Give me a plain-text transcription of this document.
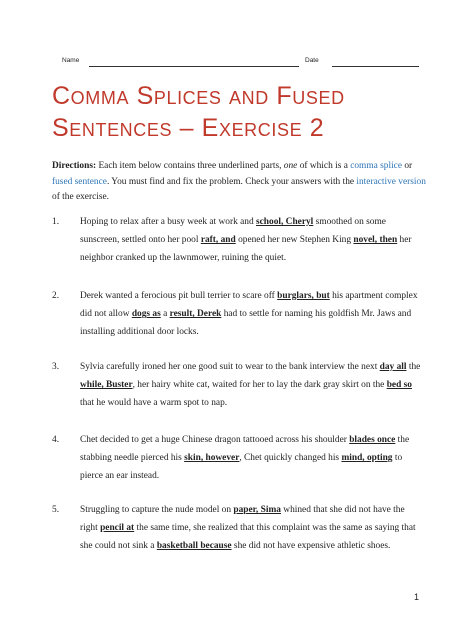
Name	Date
Comma Splices and Fused
Sentences – Exercise 2
Directions: Each item below contains three underlined parts, one of which is a comma splice or fused sentence. You must find and fix the problem. Check your answers with the interactive version of the exercise.
1. Hoping to relax after a busy week at work and school, Cheryl smoothed on some sunscreen, settled onto her pool raft, and opened her new Stephen King novel, then her neighbor cranked up the lawnmower, ruining the quiet.
2. Derek wanted a ferocious pit bull terrier to scare off burglars, but his apartment complex did not allow dogs as a result, Derek had to settle for naming his goldfish Mr. Jaws and installing additional door locks.
3. Sylvia carefully ironed her one good suit to wear to the bank interview the next day all the while, Buster, her hairy white cat, waited for her to lay the dark gray skirt on the bed so that he would have a warm spot to nap.
4. Chet decided to get a huge Chinese dragon tattooed across his shoulder blades once the stabbing needle pierced his skin, however, Chet quickly changed his mind, opting to pierce an ear instead.
5. Struggling to capture the nude model on paper, Sima whined that she did not have the right pencil at the same time, she realized that this complaint was the same as saying that she could not sink a basketball because she did not have expensive athletic shoes.
1
